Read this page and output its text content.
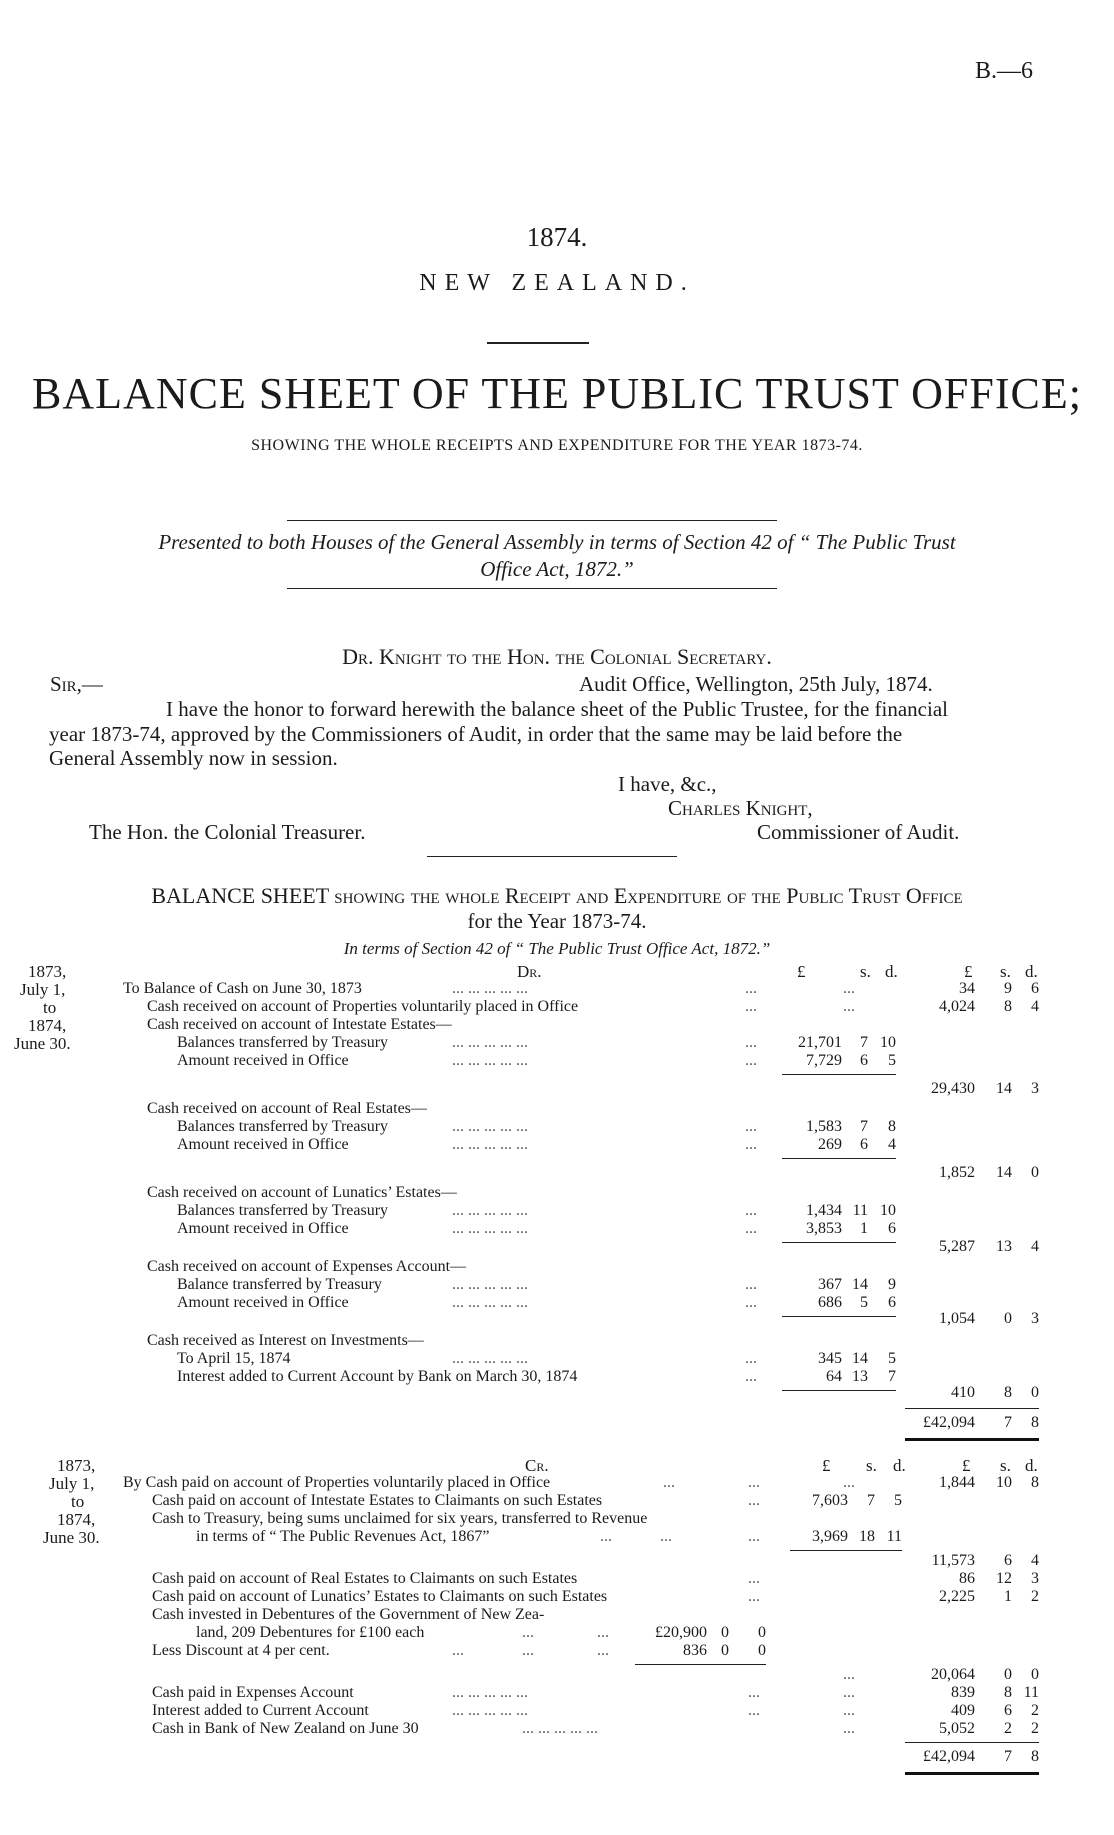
B.—6
1874.
NEW ZEALAND.
BALANCE SHEET OF THE PUBLIC TRUST OFFICE;
SHOWING THE WHOLE RECEIPTS AND EXPENDITURE FOR THE YEAR 1873-74.
Presented to both Houses of the General Assembly in terms of Section 42 of “ The Public Trust
Office Act, 1872.”
Dr. Knight to the Hon. the Colonial Secretary.
Sir,—	Audit Office, Wellington, 25th July, 1874.
I have the honor to forward herewith the balance sheet of the Public Trustee, for the financial
year 1873-74, approved by the Commissioners of Audit, in order that the same may be laid before the
General Assembly now in session.
I have, &c.,
Charles Knight,
The Hon. the Colonial Treasurer.	Commissioner of Audit.
BALANCE SHEET showing the whole Receipt and Expenditure of the Public Trust Office
for the Year 1873-74.
In terms of Section 42 of “ The Public Trust Office Act, 1872.”
Dr.
1873,
July 1,
to
1874,
June 30.
£	s. d.	£ s. d.
To Balance of Cash on June 30, 1873	... ... ... ... ...	...	...	34	9	6
Cash received on account of Properties voluntarily placed in Office	...	...	4,024	8	4
Cash received on account of Intestate Estates—
Balances transferred by Treasury	... ... ... ... ...	...	21,701	7 10
Amount received in Office	... ... ... ... ...	...	7,729	6	5
29,430	14	3
Cash received on account of Real Estates—
Balances transferred by Treasury	... ... ... ... ...	...	1,583	7	8
Amount received in Office	... ... ... ... ...	...	269	6	4
1,852	14	0
Cash received on account of Lunatics’ Estates—
Balances transferred by Treasury	... ... ... ... ...	...	1,434 11 10
Amount received in Office	... ... ... ... ...	...	3,853	1	6
5,287	13	4
Cash received on account of Expenses Account—
Balance transferred by Treasury	... ... ... ... ...	...	367 14	9
Amount received in Office	... ... ... ... ...	...	686	5	6
1,054	0	3
Cash received as Interest on Investments—
To April 15, 1874	... ... ... ... ...	...	345 14	5
Interest added to Current Account by Bank on March 30, 1874	...	64 13	7
410	8	0
£42,094	7	8
Cr.
1873,
July 1,
to
1874,
June 30.
£ s. d.	£ s. d.
By Cash paid on account of Properties voluntarily placed in Office	...	...	...	1,844	10	8
Cash paid on account of Intestate Estates to Claimants on such Estates	...	7,603	7	5
Cash to Treasury, being sums unclaimed for six years, transferred to Revenue
in terms of “ The Public Revenues Act, 1867”	...	...	...	3,969 18 11
11,573	6	4
Cash paid on account of Real Estates to Claimants on such Estates	...	86	12	3
Cash paid on account of Lunatics’ Estates to Claimants on such Estates	...	2,225	1	2
Cash invested in Debentures of the Government of New Zea-
land, 209 Debentures for £100 each	...	...	£20,900 0	0
Less Discount at 4 per cent.	...	...	...	836 0	0
...	20,064	0	0
Cash paid in Expenses Account	... ... ... ... ...	...	...	839	8 11
Interest added to Current Account	... ... ... ... ...	...	...	409	6	2
Cash in Bank of New Zealand on June 30	... ... ... ... ...	...	5,052	2	2
£42,094	7	8
